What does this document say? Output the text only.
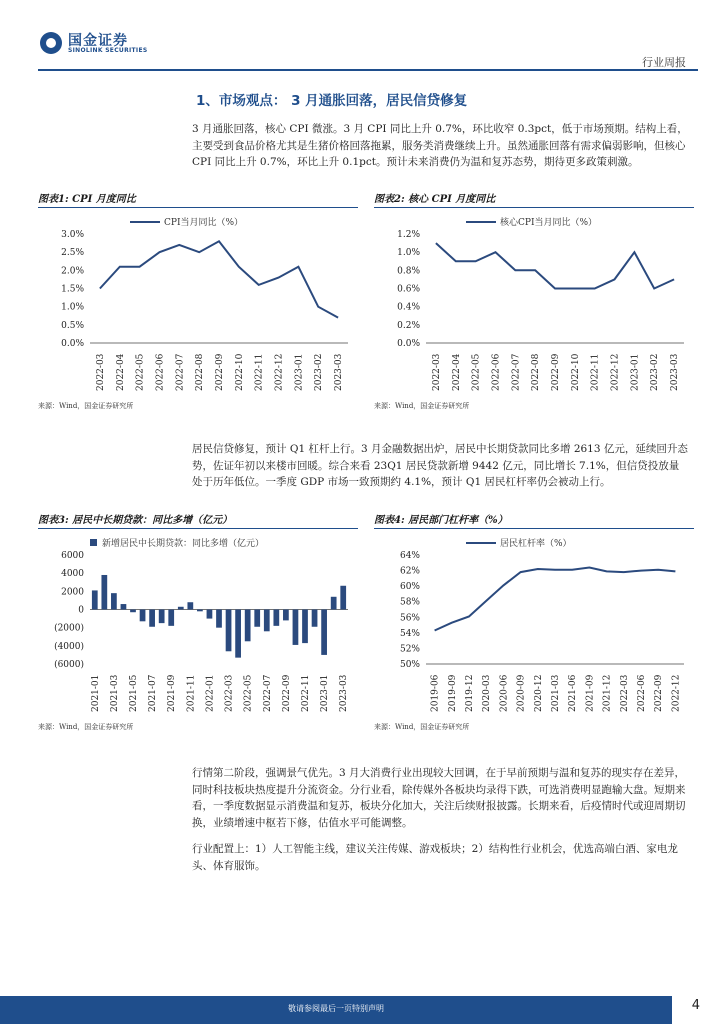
国金证券
SINOLINK SECURITIES
行业周报
1、市场观点： 3 月通胀回落，居民信贷修复
3 月通胀回落，核心 CPI 微涨。3 月 CPI 同比上升 0.7%，环比收窄 0.3pct，低于市场预期。结构上看，主要受到食品价格尤其是生猪价格回落拖累，服务类消费继续上升。虽然通胀回落有需求偏弱影响，但核心 CPI 同比上升 0.7%，环比上升 0.1pct。预计未来消费仍为温和复苏态势，期待更多政策刺激。
图表1: CPI 月度同比
CPI当月同比（%）
0.0%
0.5%
1.0%
1.5%
2.0%
2.5%
3.0%
2022-03 2022-04 2022-05 2022-06 2022-07 2022-08 2022-09 2022-10 2022-11 2022-12 2023-01 2023-02 2023-03
来源：Wind，国金证券研究所
图表2: 核心 CPI 月度同比
核心CPI当月同比（%）
0.0%
0.2%
0.4%
0.6%
0.8%
1.0%
1.2%
2022-03 2022-04 2022-05 2022-06 2022-07 2022-08 2022-09 2022-10 2022-11 2022-12 2023-01 2023-02 2023-03
来源：Wind，国金证券研究所
居民信贷修复，预计 Q1 杠杆上行。3 月金融数据出炉，居民中长期贷款同比多增 2613 亿元，延续回升态势，佐证年初以来楼市回暖。综合来看 23Q1 居民贷款新增 9442 亿元，同比增长 7.1%，但信贷投放量处于历年低位。一季度 GDP 市场一致预期约 4.1%，预计 Q1 居民杠杆率仍会被动上行。
图表3: 居民中长期贷款：同比多增（亿元）
新增居民中长期贷款：同比多增（亿元）
6000
4000
2000
0
(2000)
(4000)
(6000)
2021-01 2021-03 2021-05 2021-07 2021-09 2021-11 2022-01 2022-03 2022-05 2022-07 2022-09 2022-11 2023-01 2023-03
来源：Wind，国金证券研究所
图表4: 居民部门杠杆率（%）
居民杠杆率（%）
50%
52%
54%
56%
58%
60%
62%
64%
2019-06 2019-09 2019-12 2020-03 2020-06 2020-09 2020-12 2021-03 2021-06 2021-09 2021-12 2022-03 2022-06 2022-09 2022-12
来源：Wind，国金证券研究所
行情第二阶段，强调景气优先。3 月大消费行业出现较大回调，在于早前预期与温和复苏的现实存在差异，同时科技板块热度提升分流资金。分行业看，除传媒外各板块均录得下跌，可选消费明显跑输大盘。短期来看，一季度数据显示消费温和复苏，板块分化加大，关注后续财报披露。长期来看，后疫情时代或迎周期切换，业绩增速中枢若下修，估值水平可能调整。
行业配置上：1）人工智能主线，建议关注传媒、游戏板块；2）结构性行业机会，优选高端白酒、家电龙头、体育服饰。
敬请参阅最后一页特别声明	4
